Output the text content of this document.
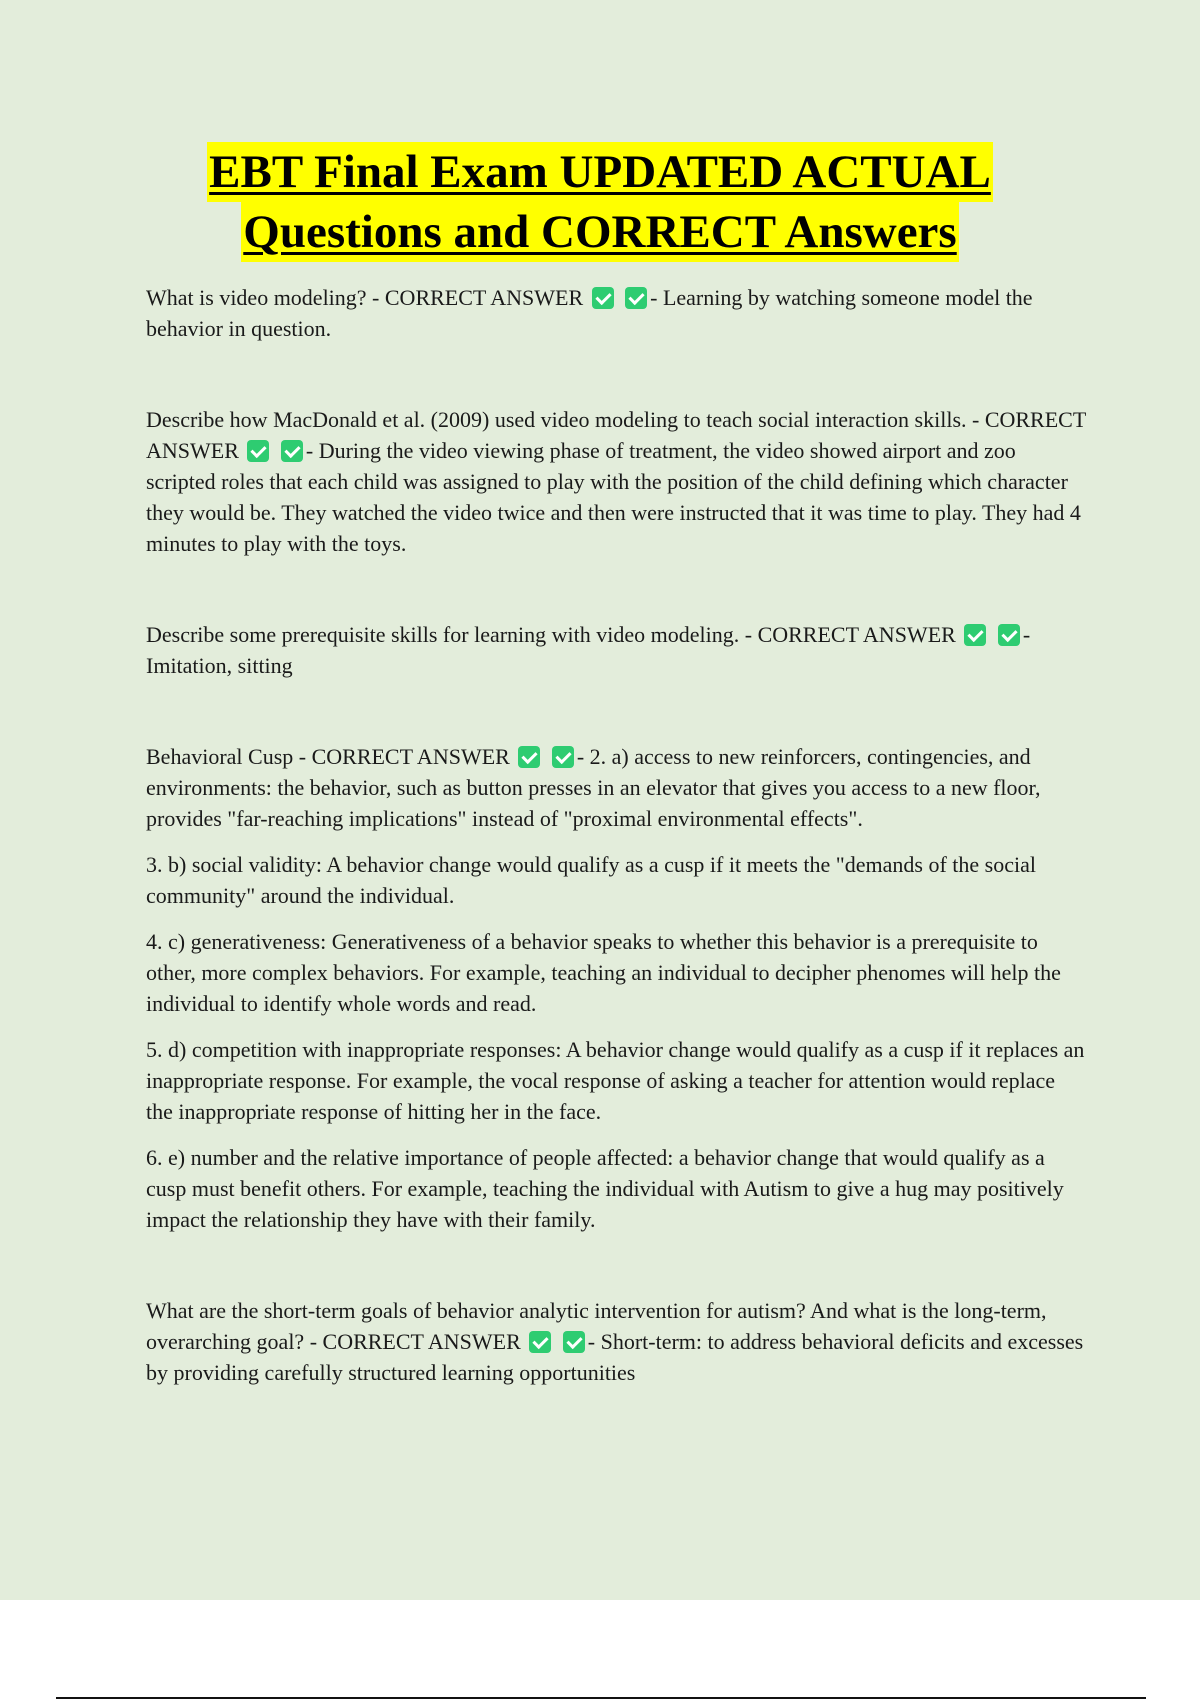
EBT Final Exam UPDATED ACTUAL
Questions and CORRECT Answers

What is video modeling? - CORRECT ANSWER	- Learning by watching someone model the behavior in question.

Describe how MacDonald et al. (2009) used video modeling to teach social interaction skills. - CORRECT ANSWER	- During the video viewing phase of treatment, the video showed airport and zoo scripted roles that each child was assigned to play with the position of the child defining which character they would be. They watched the video twice and then were instructed that it was time to play. They had 4 minutes to play with the toys.

Describe some prerequisite skills for learning with video modeling. - CORRECT ANSWER	- Imitation, sitting

Behavioral Cusp - CORRECT ANSWER	- 2. a) access to new reinforcers, contingencies, and environments: the behavior, such as button presses in an elevator that gives you access to a new floor, provides "far-reaching implications" instead of "proximal environmental effects".

3. b) social validity: A behavior change would qualify as a cusp if it meets the "demands of the social community" around the individual.

4. c) generativeness: Generativeness of a behavior speaks to whether this behavior is a prerequisite to other, more complex behaviors. For example, teaching an individual to decipher phenomes will help the individual to identify whole words and read.

5. d) competition with inappropriate responses: A behavior change would qualify as a cusp if it replaces an inappropriate response. For example, the vocal response of asking a teacher for attention would replace the inappropriate response of hitting her in the face.

6. e) number and the relative importance of people affected: a behavior change that would qualify as a cusp must benefit others. For example, teaching the individual with Autism to give a hug may positively impact the relationship they have with their family.

What are the short-term goals of behavior analytic intervention for autism? And what is the long-term, overarching goal? - CORRECT ANSWER	- Short-term: to address behavioral deficits and excesses by providing carefully structured learning opportunities
